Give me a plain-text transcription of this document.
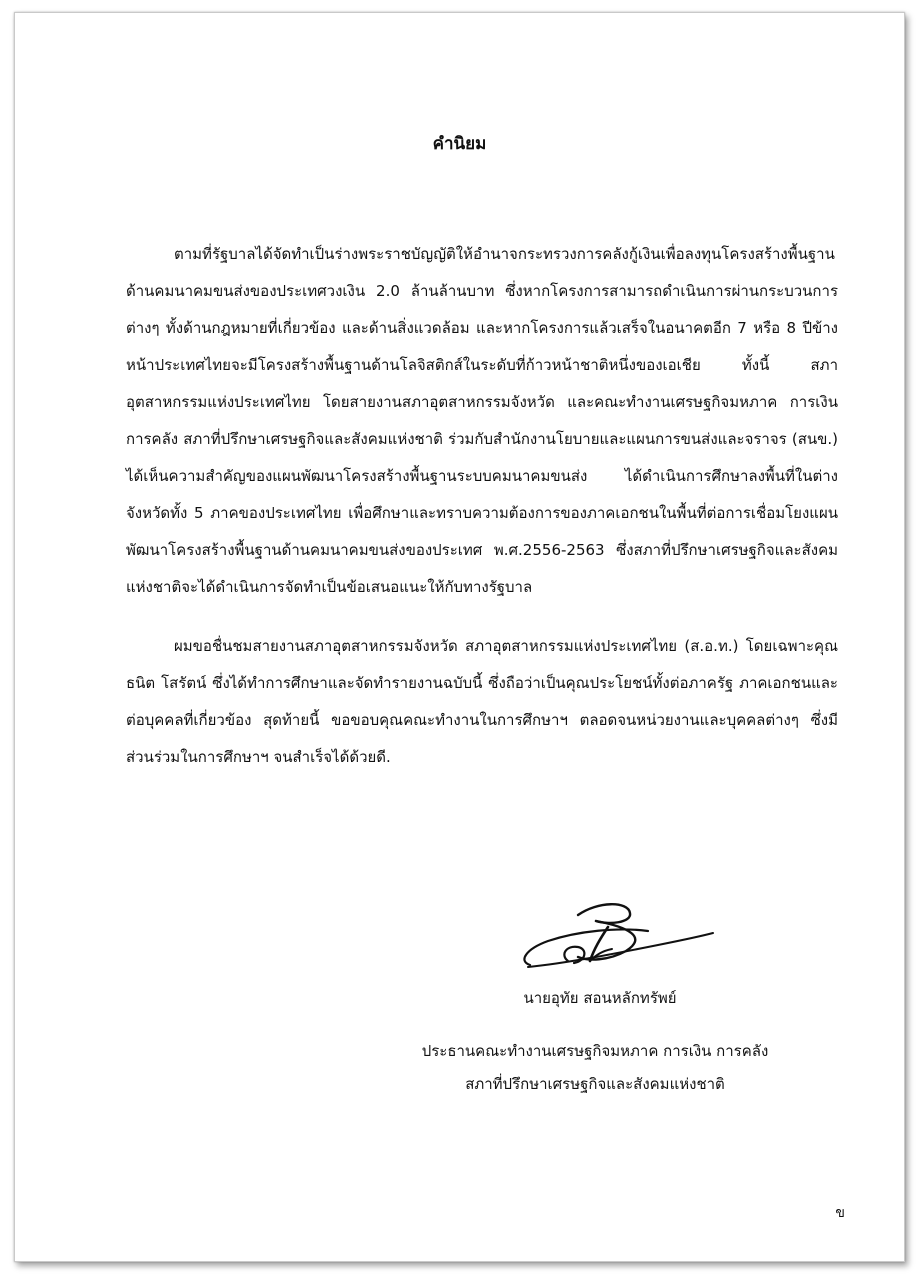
คำนิยม

ตามที่รัฐบาลได้จัดทำเป็นร่างพระราชบัญญัติให้อำนาจกระทรวงการคลังกู้เงินเพื่อลงทุนโครงสร้างพื้นฐานด้านคมนาคมขนส่งของประเทศวงเงิน 2.0 ล้านล้านบาท ซึ่งหากโครงการสามารถดำเนินการผ่านกระบวนการต่างๆ ทั้งด้านกฎหมายที่เกี่ยวข้อง และด้านสิ่งแวดล้อม และหากโครงการแล้วเสร็จในอนาคตอีก 7 หรือ 8 ปีข้างหน้าประเทศไทยจะมีโครงสร้างพื้นฐานด้านโลจิสติกส์ในระดับที่ก้าวหน้าชาติหนึ่งของเอเชีย ทั้งนี้ สภาอุตสาหกรรมแห่งประเทศไทย โดยสายงานสภาอุตสาหกรรมจังหวัด และคณะทำงานเศรษฐกิจมหภาค การเงิน การคลัง สภาที่ปรึกษาเศรษฐกิจและสังคมแห่งชาติ ร่วมกับสำนักงานโยบายและแผนการขนส่งและจราจร (สนข.) ได้เห็นความสำคัญของแผนพัฒนาโครงสร้างพื้นฐานระบบคมนาคมขนส่ง ได้ดำเนินการศึกษาลงพื้นที่ในต่างจังหวัดทั้ง 5 ภาคของประเทศไทย เพื่อศึกษาและทราบความต้องการของภาคเอกชนในพื้นที่ต่อการเชื่อมโยงแผนพัฒนาโครงสร้างพื้นฐานด้านคมนาคมขนส่งของประเทศ พ.ศ.2556-2563 ซึ่งสภาที่ปรึกษาเศรษฐกิจและสังคมแห่งชาติจะได้ดำเนินการจัดทำเป็นข้อเสนอแนะให้กับทางรัฐบาล

ผมขอชื่นชมสายงานสภาอุตสาหกรรมจังหวัด สภาอุตสาหกรรมแห่งประเทศไทย (ส.อ.ท.) โดยเฉพาะคุณธนิต โสรัตน์ ซึ่งได้ทำการศึกษาและจัดทำรายงานฉบับนี้ ซึ่งถือว่าเป็นคุณประโยชน์ทั้งต่อภาครัฐ ภาคเอกชนและต่อบุคคลที่เกี่ยวข้อง สุดท้ายนี้ ขอขอบคุณคณะทำงานในการศึกษาฯ ตลอดจนหน่วยงานและบุคคลต่างๆ ซึ่งมีส่วนร่วมในการศึกษาฯ จนสำเร็จได้ด้วยดี.

นายอุทัย สอนหลักทรัพย์
ประธานคณะทำงานเศรษฐกิจมหภาค การเงิน การคลัง
สภาที่ปรึกษาเศรษฐกิจและสังคมแห่งชาติ
ข
